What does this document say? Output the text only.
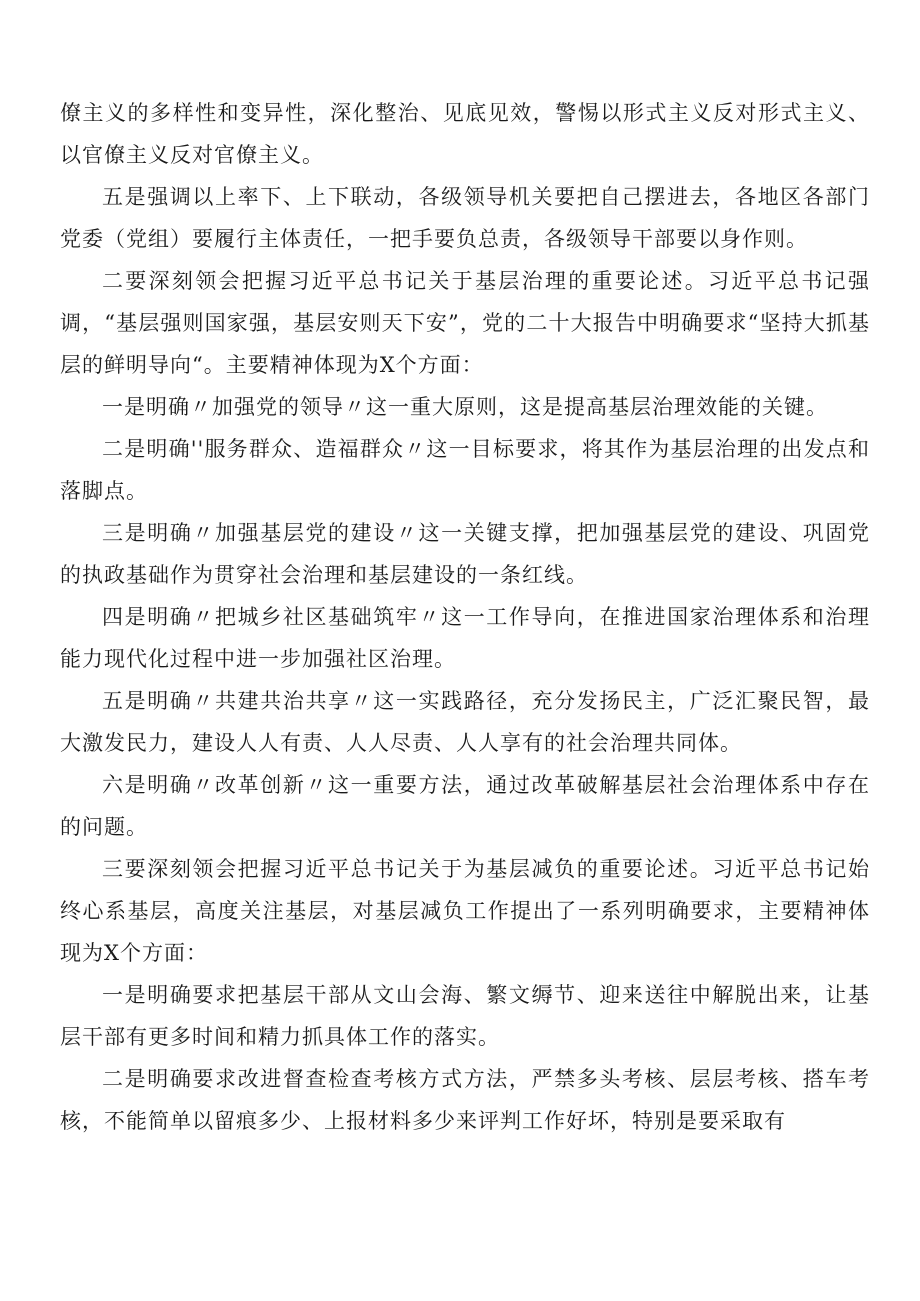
僚主义的多样性和变异性，深化整治、见底见效，警惕以形式主义反对形式主义、以官僚主义反对官僚主义。

五是强调以上率下、上下联动，各级领导机关要把自己摆进去，各地区各部门党委（党组）要履行主体责任，一把手要负总责，各级领导干部要以身作则。

二要深刻领会把握习近平总书记关于基层治理的重要论述。习近平总书记强调，“基层强则国家强，基层安则天下安”，党的二十大报告中明确要求“坚持大抓基层的鲜明导向“。主要精神体现为X个方面：

一是明确〃加强党的领导〃这一重大原则，这是提高基层治理效能的关键。

二是明确''服务群众、造福群众〃这一目标要求，将其作为基层治理的出发点和落脚点。

三是明确〃加强基层党的建设〃这一关键支撑，把加强基层党的建设、巩固党的执政基础作为贯穿社会治理和基层建设的一条红线。

四是明确〃把城乡社区基础筑牢〃这一工作导向，在推进国家治理体系和治理能力现代化过程中进一步加强社区治理。

五是明确〃共建共治共享〃这一实践路径，充分发扬民主，广泛汇聚民智，最大激发民力，建设人人有责、人人尽责、人人享有的社会治理共同体。

六是明确〃改革创新〃这一重要方法，通过改革破解基层社会治理体系中存在的问题。

三要深刻领会把握习近平总书记关于为基层减负的重要论述。习近平总书记始终心系基层，高度关注基层，对基层减负工作提出了一系列明确要求，主要精神体现为X个方面：

一是明确要求把基层干部从文山会海、繁文缛节、迎来送往中解脱出来，让基层干部有更多时间和精力抓具体工作的落实。

二是明确要求改进督查检查考核方式方法，严禁多头考核、层层考核、搭车考核，不能简单以留痕多少、上报材料多少来评判工作好坏，特别是要采取有
